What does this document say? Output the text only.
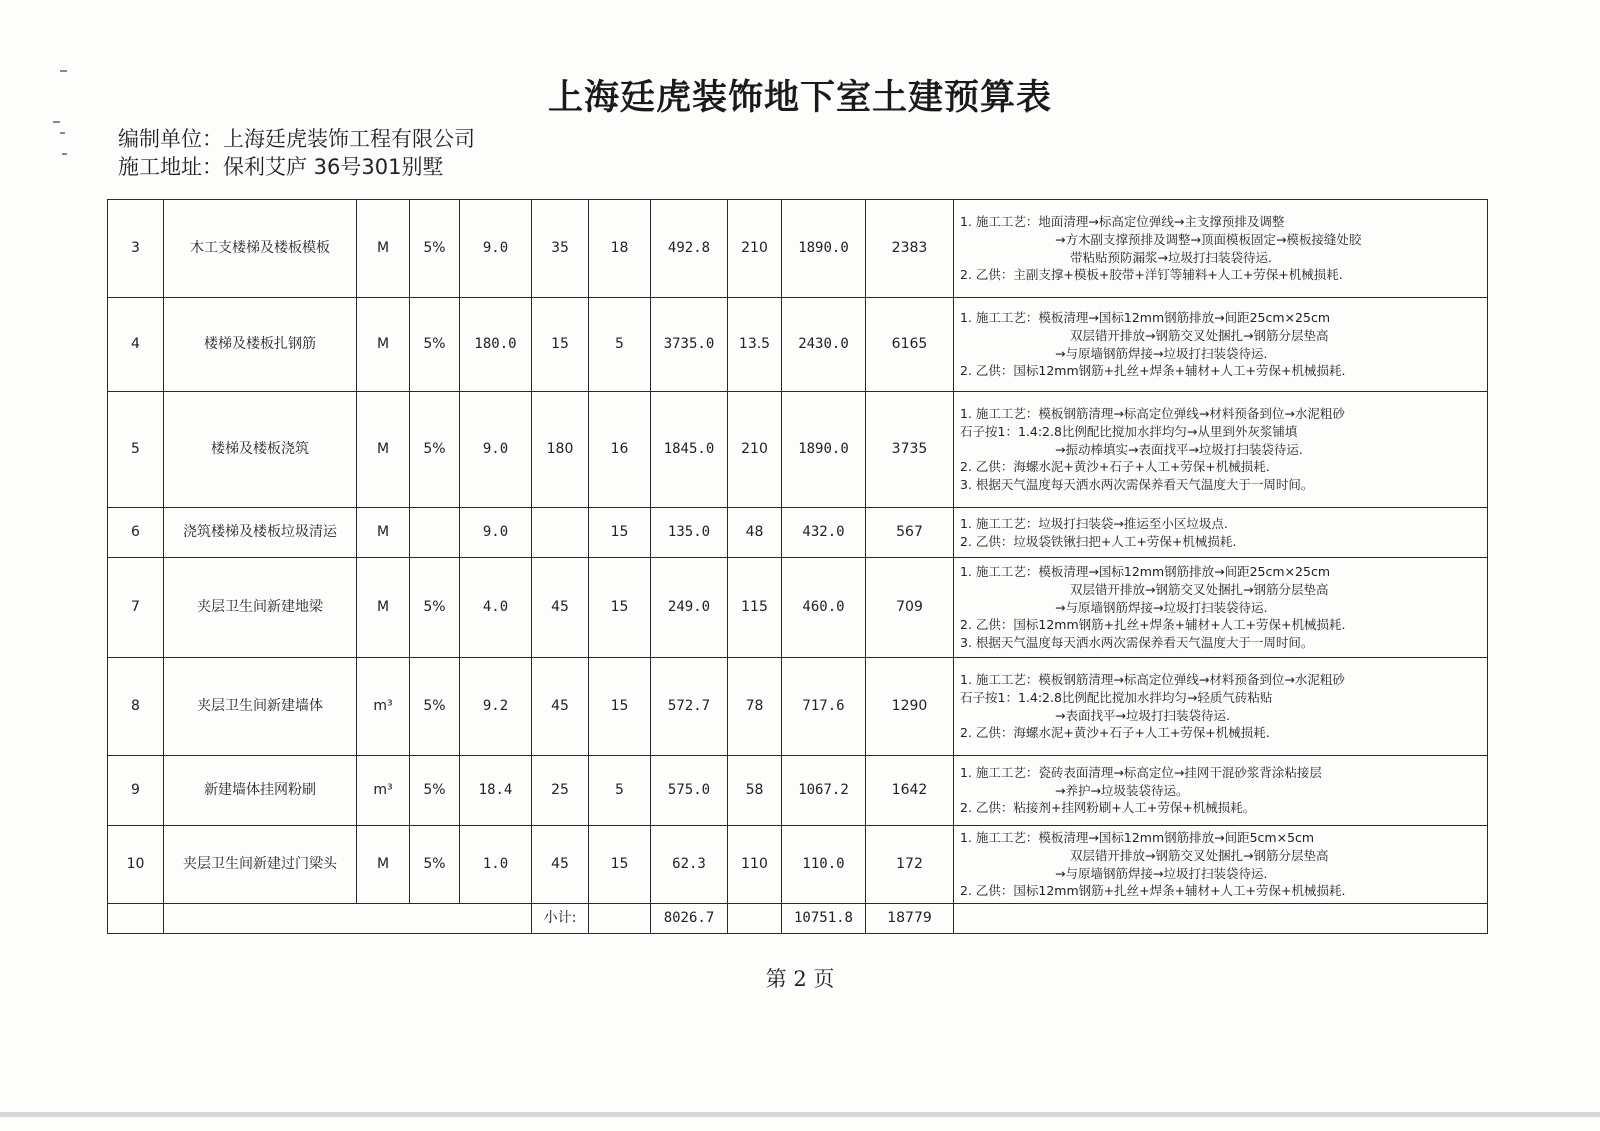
上海廷虎装饰地下室土建预算表
编制单位：上海廷虎装饰工程有限公司
施工地址：保利艾庐 36号301别墅
3	木工支楼梯及楼板模板	M	5%	9.0	35	18	492.8	210	1890.0	2383	1. 施工工艺：地面清理→标高定位弹线→主支撑预排及调整
→方木副支撑预排及调整→顶面模板固定→模板接缝处胶
带粘贴预防漏浆→垃圾打扫装袋待运.
2. 乙供：主副支撑+模板+胶带+洋钉等辅料+人工+劳保+机械损耗.

4	楼梯及楼板扎钢筋	M	5%	180.0	15	5	3735.0	13.5	2430.0	6165	1. 施工工艺：模板清理→国标12mm钢筋排放→间距25cm×25cm
双层错开排放→钢筋交叉处捆扎→钢筋分层垫高
→与原墙钢筋焊接→垃圾打扫装袋待运.
2. 乙供：国标12mm钢筋+扎丝+焊条+辅材+人工+劳保+机械损耗.

5	楼梯及楼板浇筑	M	5%	9.0	180	16	1845.0	210	1890.0	3735	1. 施工工艺：模板钢筋清理→标高定位弹线→材料预备到位→水泥粗砂
石子按1：1.4:2.8比例配比搅加水拌均匀→从里到外灰浆铺填
→振动棒填实→表面找平→垃圾打扫装袋待运.
2. 乙供：海螺水泥+黄沙+石子+人工+劳保+机械损耗.
3. 根据天气温度每天洒水两次需保养看天气温度大于一周时间。

6	浇筑楼梯及楼板垃圾清运	M		9.0		15	135.0	48	432.0	567	1. 施工工艺：垃圾打扫装袋→推运至小区垃圾点.
2. 乙供：垃圾袋铁锹扫把+人工+劳保+机械损耗.

7	夹层卫生间新建地梁	M	5%	4.0	45	15	249.0	115	460.0	709	1. 施工工艺：模板清理→国标12mm钢筋排放→间距25cm×25cm
双层错开排放→钢筋交叉处捆扎→钢筋分层垫高
→与原墙钢筋焊接→垃圾打扫装袋待运.
2. 乙供：国标12mm钢筋+扎丝+焊条+辅材+人工+劳保+机械损耗.
3. 根据天气温度每天洒水两次需保养看天气温度大于一周时间。

8	夹层卫生间新建墙体	m³	5%	9.2	45	15	572.7	78	717.6	1290	1. 施工工艺：模板钢筋清理→标高定位弹线→材料预备到位→水泥粗砂
石子按1：1.4:2.8比例配比搅加水拌均匀→轻质气砖粘贴
→表面找平→垃圾打扫装袋待运.
2. 乙供：海螺水泥+黄沙+石子+人工+劳保+机械损耗.

9	新建墙体挂网粉刷	m³	5%	18.4	25	5	575.0	58	1067.2	1642	1. 施工工艺：瓷砖表面清理→标高定位→挂网干混砂浆背涂粘接层
→养护→垃圾装袋待运。
2. 乙供：粘接剂+挂网粉刷+人工+劳保+机械损耗。

10	夹层卫生间新建过门梁头	M	5%	1.0	45	15	62.3	110	110.0	172	1. 施工工艺：模板清理→国标12mm钢筋排放→间距5cm×5cm
双层错开排放→钢筋交叉处捆扎→钢筋分层垫高
→与原墙钢筋焊接→垃圾打扫装袋待运.
2. 乙供：国标12mm钢筋+扎丝+焊条+辅材+人工+劳保+机械损耗.

					小计:		8026.7		10751.8	18779	
第 2 页
